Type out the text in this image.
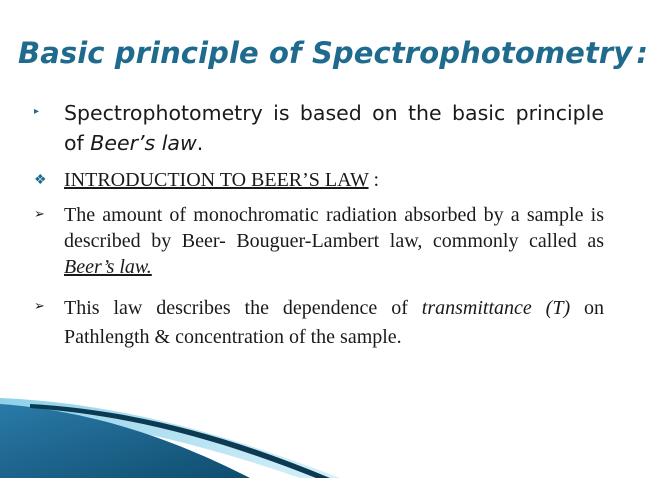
Basic principle of Spectrophotometry :
▸	Spectrophotometry is based on the basic principle of Beer’s law.
❖ INTRODUCTION TO BEER’S LAW :
➢ The amount of monochromatic radiation absorbed by a sample is described by Beer- Bouguer-Lambert law, commonly called as Beer’s law.
➢ This law describes the dependence of transmittance (T) on Pathlength & concentration of the sample.
